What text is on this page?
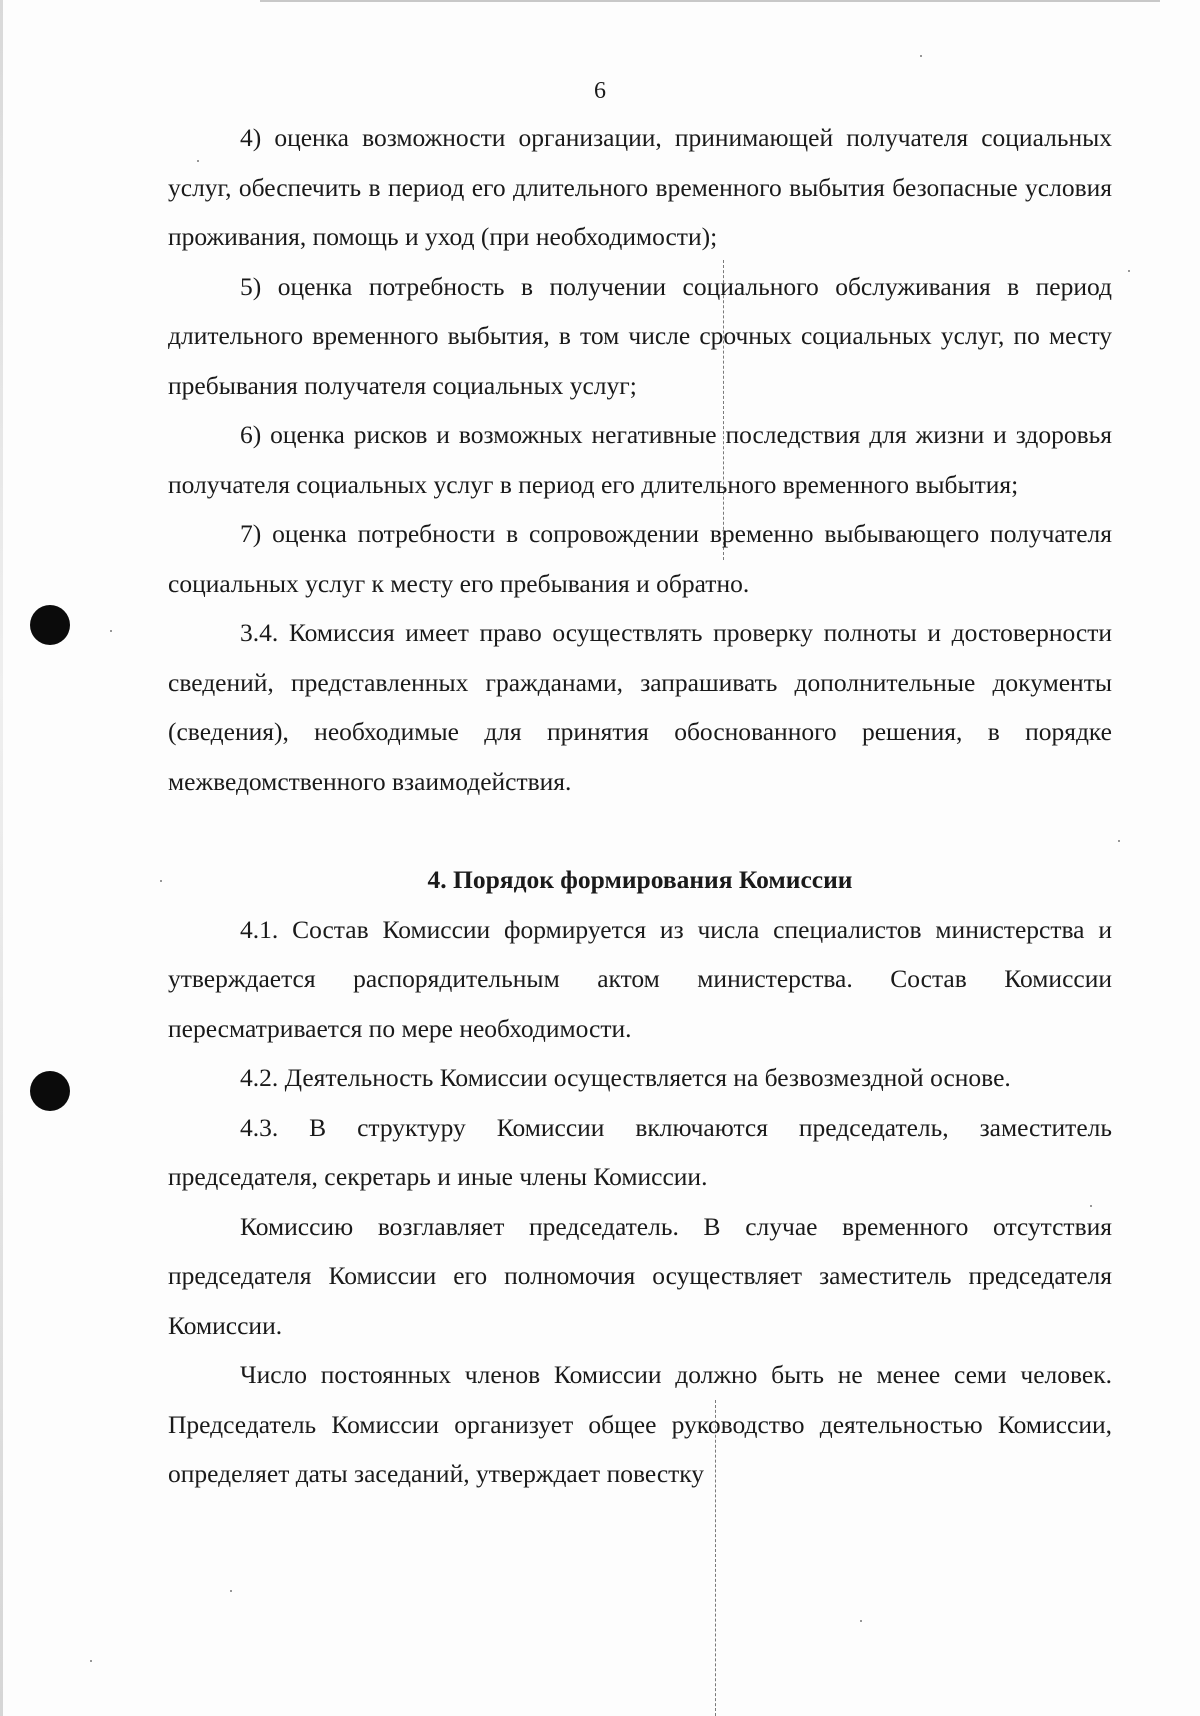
6

4) оценка возможности организации, принимающей получателя социальных услуг, обеспечить в период его длительного временного выбытия безопасные условия проживания, помощь и уход (при необходимости);

5) оценка потребность в получении социального обслуживания в период длительного временного выбытия, в том числе срочных социальных услуг, по месту пребывания получателя социальных услуг;

6) оценка рисков и возможных негативные последствия для жизни и здоровья получателя социальных услуг в период его длительного временного выбытия;

7) оценка потребности в сопровождении временно выбывающего получателя социальных услуг к месту его пребывания и обратно.

3.4. Комиссия имеет право осуществлять проверку полноты и достоверности сведений, представленных гражданами, запрашивать дополнительные документы (сведения), необходимые для принятия обоснованного решения, в порядке межведомственного взаимодействия.

4. Порядок формирования Комиссии

4.1. Состав Комиссии формируется из числа специалистов министерства и утверждается распорядительным актом министерства. Состав Комиссии пересматривается по мере необходимости.

4.2. Деятельность Комиссии осуществляется на безвозмездной основе.

4.3. В структуру Комиссии включаются председатель, заместитель председателя, секретарь и иные члены Комиссии.

Комиссию возглавляет председатель. В случае временного отсутствия председателя Комиссии его полномочия осуществляет заместитель председателя Комиссии.

Число постоянных членов Комиссии должно быть не менее семи человек. Председатель Комиссии организует общее руководство деятельностью Комиссии, определяет даты заседаний, утверждает повестку
